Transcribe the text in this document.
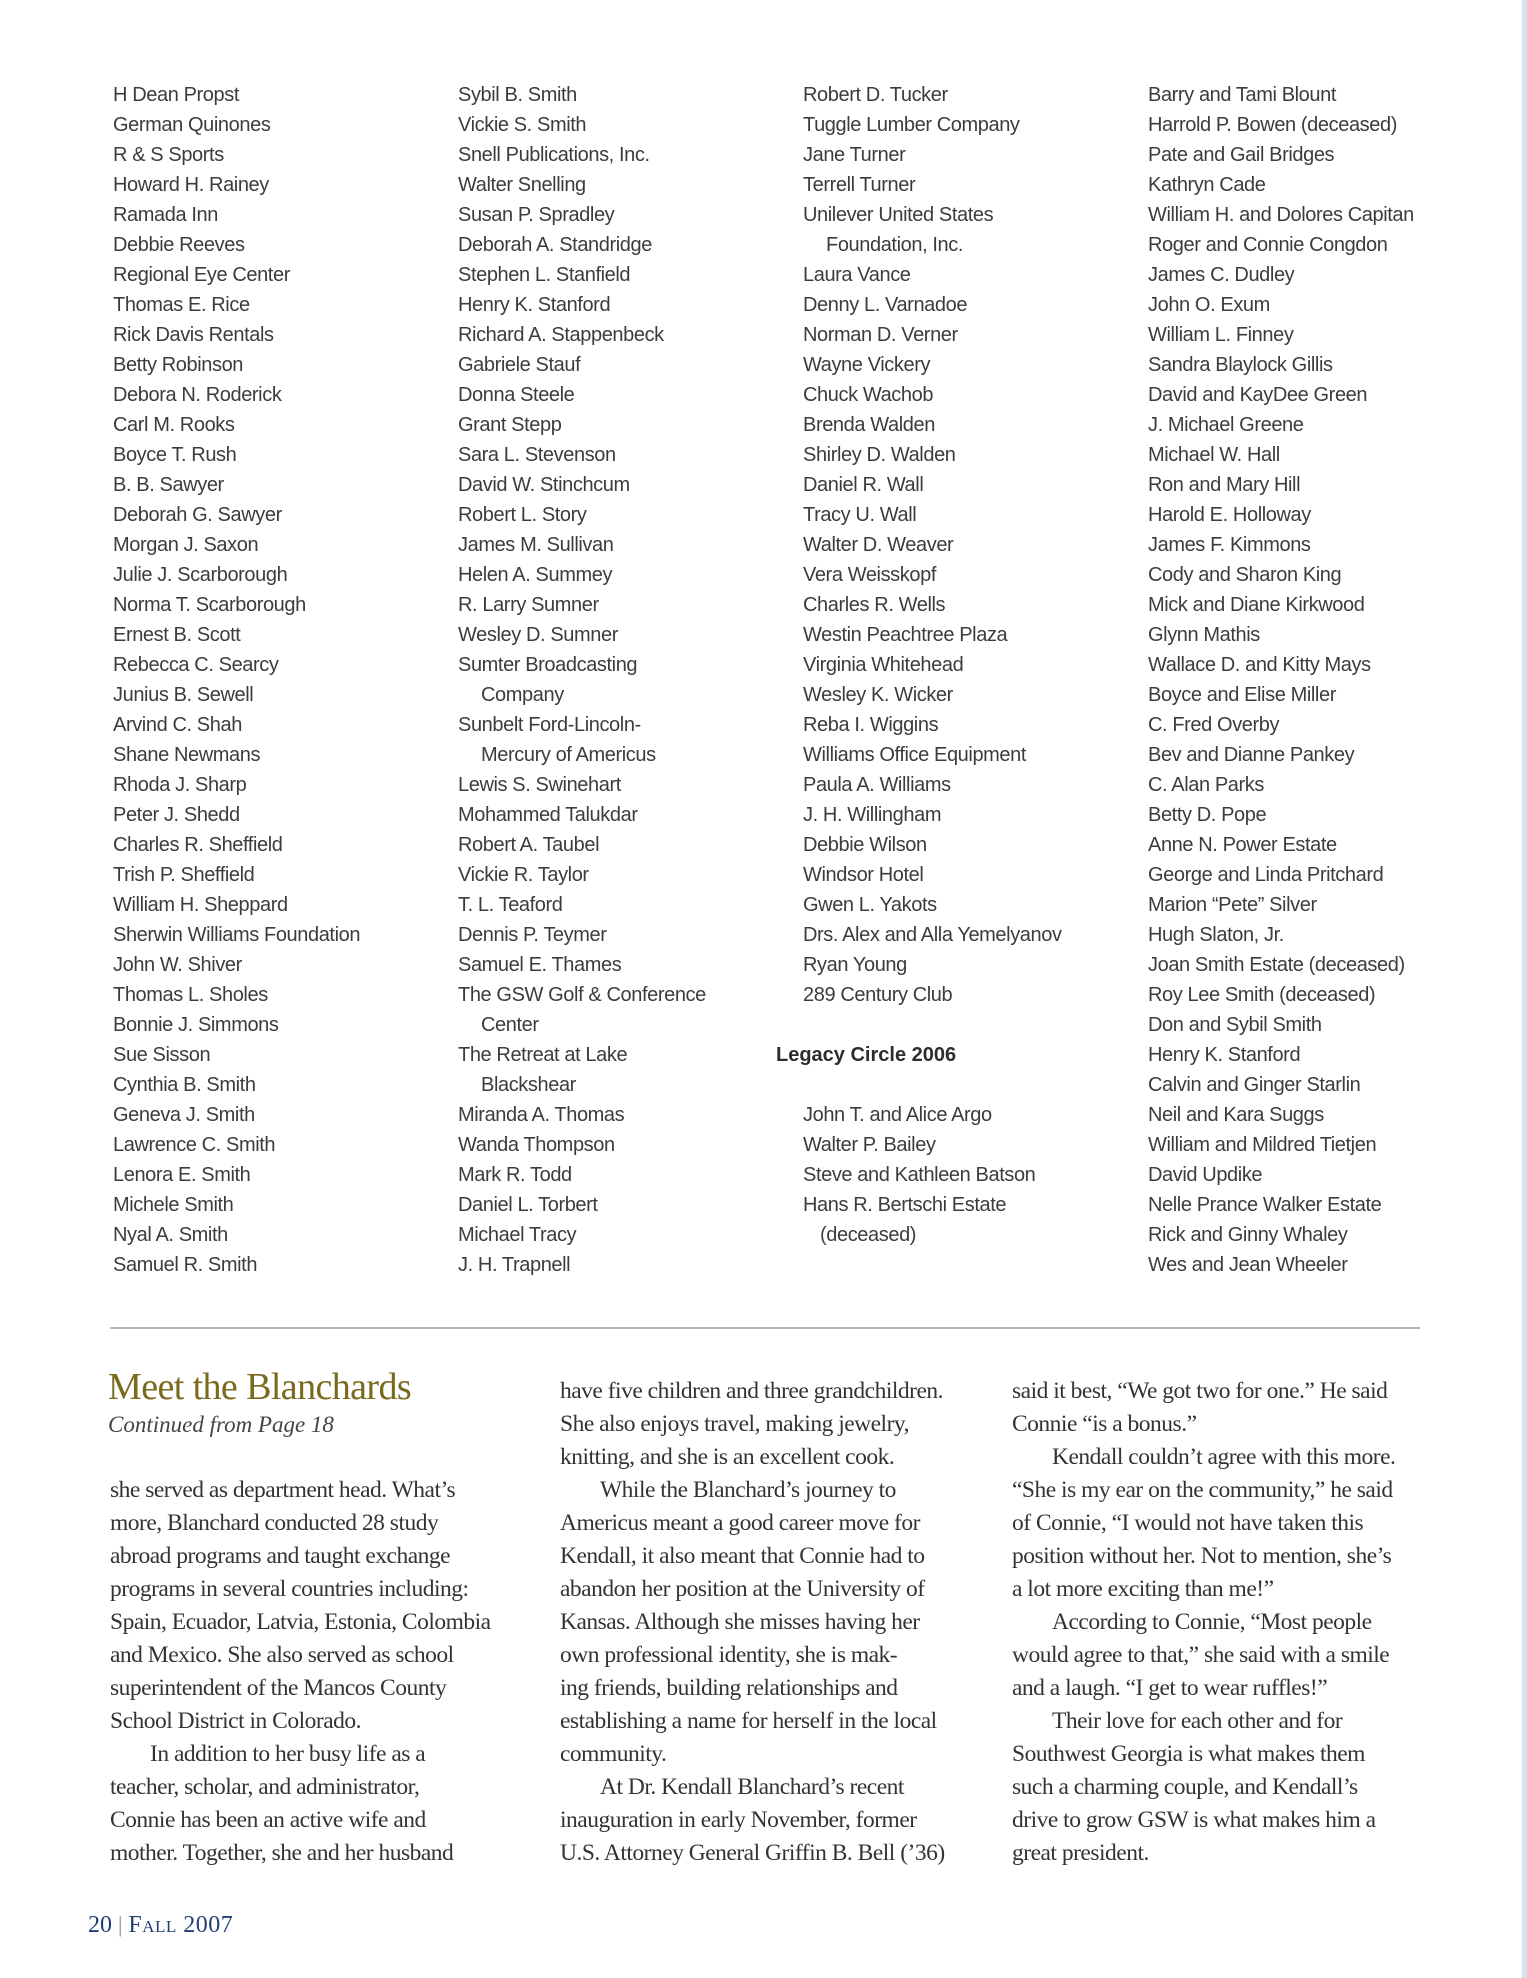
H Dean Propst
German Quinones
R & S Sports
Howard H. Rainey
Ramada Inn
Debbie Reeves
Regional Eye Center
Thomas E. Rice
Rick Davis Rentals
Betty Robinson
Debora N. Roderick
Carl M. Rooks
Boyce T. Rush
B. B. Sawyer
Deborah G. Sawyer
Morgan J. Saxon
Julie J. Scarborough
Norma T. Scarborough
Ernest B. Scott
Rebecca C. Searcy
Junius B. Sewell
Arvind C. Shah
Shane Newmans
Rhoda J. Sharp
Peter J. Shedd
Charles R. Sheffield
Trish P. Sheffield
William H. Sheppard
Sherwin Williams Foundation
John W. Shiver
Thomas L. Sholes
Bonnie J. Simmons
Sue Sisson
Cynthia B. Smith
Geneva J. Smith
Lawrence C. Smith
Lenora E. Smith
Michele Smith
Nyal A. Smith
Samuel R. Smith
Sybil B. Smith
Vickie S. Smith
Snell Publications, Inc.
Walter Snelling
Susan P. Spradley
Deborah A. Standridge
Stephen L. Stanfield
Henry K. Stanford
Richard A. Stappenbeck
Gabriele Stauf
Donna Steele
Grant Stepp
Sara L. Stevenson
David W. Stinchcum
Robert L. Story
James M. Sullivan
Helen A. Summey
R. Larry Sumner
Wesley D. Sumner
Sumter Broadcasting
Company
Sunbelt Ford-Lincoln-
Mercury of Americus
Lewis S. Swinehart
Mohammed Talukdar
Robert A. Taubel
Vickie R. Taylor
T. L. Teaford
Dennis P. Teymer
Samuel E. Thames
The GSW Golf & Conference
Center
The Retreat at Lake
Blackshear
Miranda A. Thomas
Wanda Thompson
Mark R. Todd
Daniel L. Torbert
Michael Tracy
J. H. Trapnell
Robert D. Tucker
Tuggle Lumber Company
Jane Turner
Terrell Turner
Unilever United States
Foundation, Inc.
Laura Vance
Denny L. Varnadoe
Norman D. Verner
Wayne Vickery
Chuck Wachob
Brenda Walden
Shirley D. Walden
Daniel R. Wall
Tracy U. Wall
Walter D. Weaver
Vera Weisskopf
Charles R. Wells
Westin Peachtree Plaza
Virginia Whitehead
Wesley K. Wicker
Reba I. Wiggins
Williams Office Equipment
Paula A. Williams
J. H. Willingham
Debbie Wilson
Windsor Hotel
Gwen L. Yakots
Drs. Alex and Alla Yemelyanov
Ryan Young
289 Century Club
Legacy Circle 2006
John T. and Alice Argo
Walter P. Bailey
Steve and Kathleen Batson
Hans R. Bertschi Estate
(deceased)
Barry and Tami Blount
Harrold P. Bowen (deceased)
Pate and Gail Bridges
Kathryn Cade
William H. and Dolores Capitan
Roger and Connie Congdon
James C. Dudley
John O. Exum
William L. Finney
Sandra Blaylock Gillis
David and KayDee Green
J. Michael Greene
Michael W. Hall
Ron and Mary Hill
Harold E. Holloway
James F. Kimmons
Cody and Sharon King
Mick and Diane Kirkwood
Glynn Mathis
Wallace D. and Kitty Mays
Boyce and Elise Miller
C. Fred Overby
Bev and Dianne Pankey
C. Alan Parks
Betty D. Pope
Anne N. Power Estate
George and Linda Pritchard
Marion “Pete” Silver
Hugh Slaton, Jr.
Joan Smith Estate (deceased)
Roy Lee Smith (deceased)
Don and Sybil Smith
Henry K. Stanford
Calvin and Ginger Starlin
Neil and Kara Suggs
William and Mildred Tietjen
David Updike
Nelle Prance Walker Estate
Rick and Ginny Whaley
Wes and Jean Wheeler
Meet the Blanchards
Continued from Page 18
she served as department head. What’s
more, Blanchard conducted 28 study
abroad programs and taught exchange
programs in several countries including:
Spain, Ecuador, Latvia, Estonia, Colombia
and Mexico. She also served as school
superintendent of the Mancos County
School District in Colorado.
In addition to her busy life as a
teacher, scholar, and administrator,
Connie has been an active wife and
mother. Together, she and her husband
have five children and three grandchildren.
She also enjoys travel, making jewelry,
knitting, and she is an excellent cook.
While the Blanchard’s journey to
Americus meant a good career move for
Kendall, it also meant that Connie had to
abandon her position at the University of
Kansas. Although she misses having her
own professional identity, she is mak-
ing friends, building relationships and
establishing a name for herself in the local
community.
At Dr. Kendall Blanchard’s recent
inauguration in early November, former
U.S. Attorney General Griffin B. Bell (’36)
said it best, “We got two for one.” He said
Connie “is a bonus.”
Kendall couldn’t agree with this more.
“She is my ear on the community,” he said
of Connie, “I would not have taken this
position without her. Not to mention, she’s
a lot more exciting than me!”
According to Connie, “Most people
would agree to that,” she said with a smile
and a laugh. “I get to wear ruffles!”
Their love for each other and for
Southwest Georgia is what makes them
such a charming couple, and Kendall’s
drive to grow GSW is what makes him a
great president.
20 | Fall 2007
